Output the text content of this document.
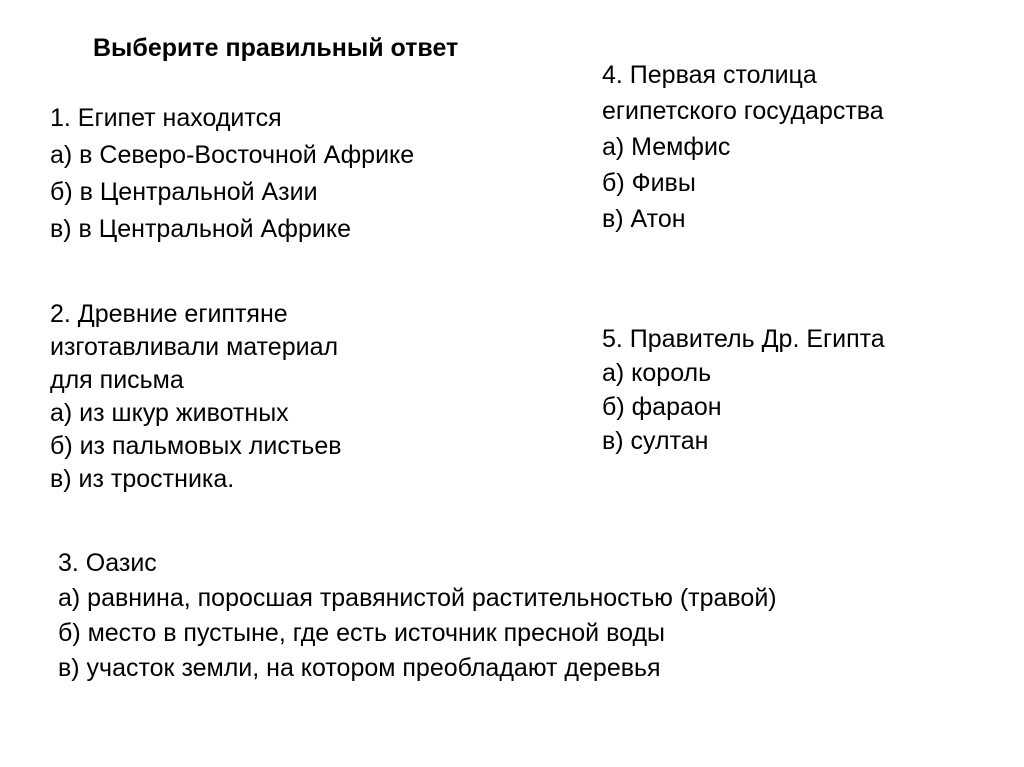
Выберите правильный ответ
1. Египет находится
а) в Северо-Восточной Африке
б) в Центральной Азии
в) в Центральной Африке
2. Древние египтяне
изготавливали материал
для письма
а) из шкур животных
б) из пальмовых листьев
в) из тростника.
3. Оазис
а) равнина, поросшая травянистой растительностью (травой)
б) место в пустыне, где есть источник пресной воды
в) участок земли, на котором преобладают деревья
4. Первая столица
египетского государства
а) Мемфис
б) Фивы
в) Атон
5. Правитель Др. Египта
а) король
б) фараон
в) султан
